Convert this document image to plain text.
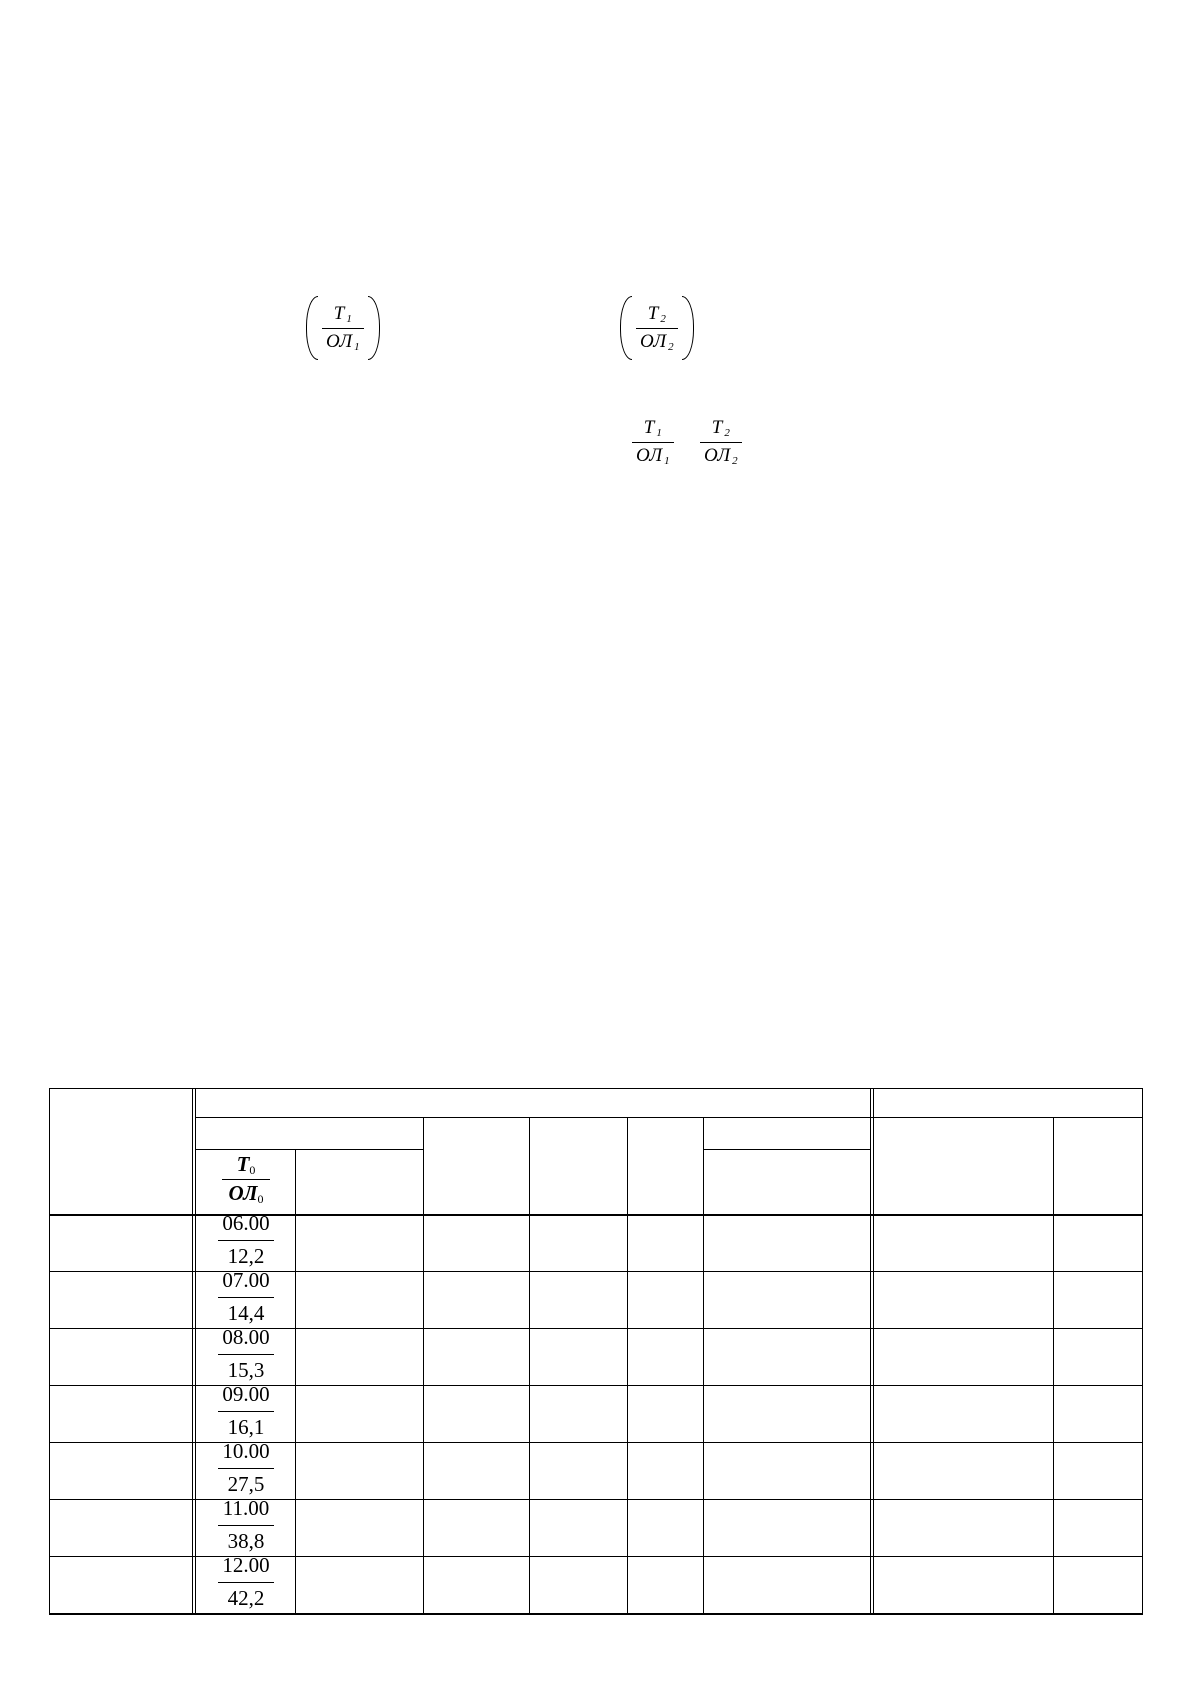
$\frac{T _1}{ОЛ _1}$	$\frac{T _2}{ОЛ _2}$
T $_1$
ОЛ $_1$
T $_2$
ОЛ $_2$
$T_0$
$ОЛ_0$
06.00
12,2
07.00
14,4
08.00
15,3
09.00
16,1
10.00
27,5
11.00
38,8
12.00
42,2
